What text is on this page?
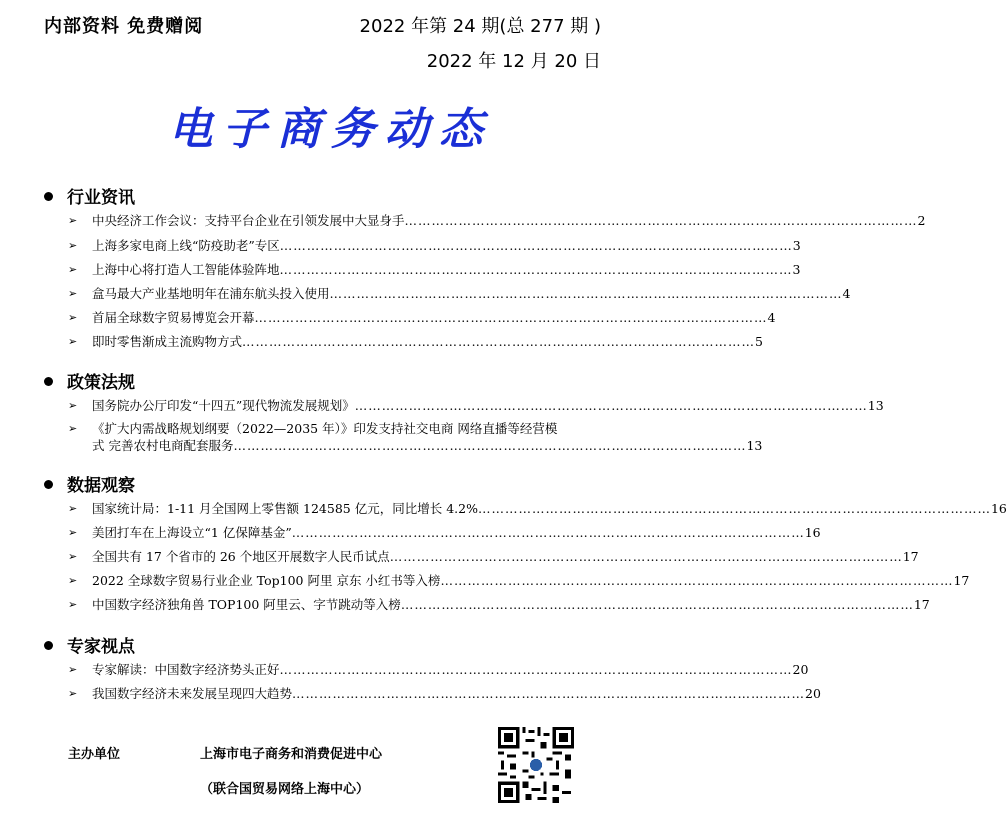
内部资料 免费赠阅	2022 年第 24 期(总 277 期 )
2022 年 12 月 20 日
电子商务动态
行业资讯
➢ 中央经济工作会议：支持平台企业在引领发展中大显身手 …………………………………………………………………………………………………… 2
➢ 上海多家电商上线“防疫助老”专区 …………………………………………………………………………………………………… 3
➢ 上海中心将打造人工智能体验阵地 …………………………………………………………………………………………………… 3
➢ 盒马最大产业基地明年在浦东航头投入使用 …………………………………………………………………………………………………… 4
➢ 首届全球数字贸易博览会开幕 …………………………………………………………………………………………………… 4
➢ 即时零售渐成主流购物方式 …………………………………………………………………………………………………… 5
政策法规
➢ 国务院办公厅印发“十四五”现代物流发展规划》 …………………………………………………………………………………………………… 13
➢ 《扩大内需战略规划纲要（2022—2035 年）》印发支持社交电商 网络直播等经营模
式 完善农村电商配套服务 …………………………………………………………………………………………………… 13
数据观察
➢ 国家统计局：1-11 月全国网上零售额 124585 亿元，同比增长 4.2% …………………………………………………………………………………………………… 16
➢ 美团打车在上海设立“1 亿保障基金” …………………………………………………………………………………………………… 16
➢ 全国共有 17 个省市的 26 个地区开展数字人民币试点 …………………………………………………………………………………………………… 17
➢ 2022 全球数字贸易行业企业 Top100 阿里 京东 小红书等入榜 …………………………………………………………………………………………………… 17
➢ 中国数字经济独角兽 TOP100 阿里云、字节跳动等入榜 …………………………………………………………………………………………………… 17
专家视点
➢ 专家解读：中国数字经济势头正好 …………………………………………………………………………………………………… 20
➢ 我国数字经济未来发展呈现四大趋势 …………………………………………………………………………………………………… 20
主办单位	上海市电子商务和消费促进中心
（联合国贸易网络上海中心）
